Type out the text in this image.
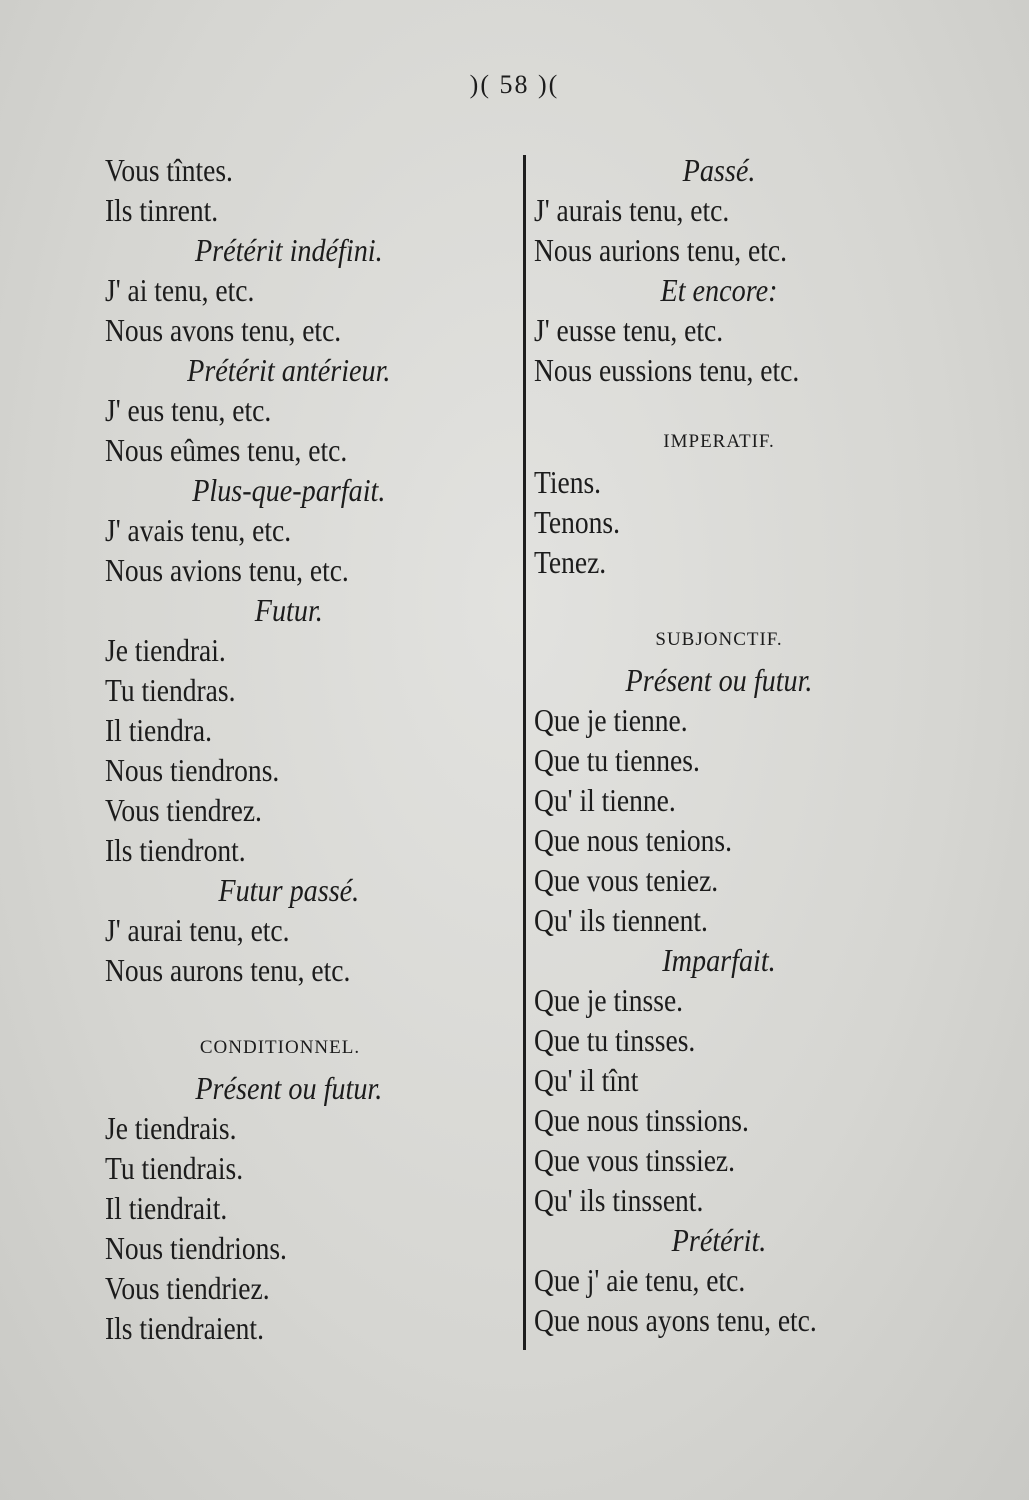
)( 58 )(
Vous tîntes.
Ils tinrent.
Prétérit indéfini.
J' ai tenu, etc.
Nous avons tenu, etc.
Prétérit antérieur.
J' eus tenu, etc.
Nous eûmes tenu, etc.
Plus-que-parfait.
J' avais tenu, etc.
Nous avions tenu, etc.
Futur.
Je tiendrai.
Tu tiendras.
Il tiendra.
Nous tiendrons.
Vous tiendrez.
Ils tiendront.
Futur passé.
J' aurai tenu, etc.
Nous aurons tenu, etc.
CONDITIONNEL.
Présent ou futur.
Je tiendrais.
Tu tiendrais.
Il tiendrait.
Nous tiendrions.
Vous tiendriez.
Ils tiendraient.
Passé.
J' aurais tenu, etc.
Nous aurions tenu, etc.
Et encore:
J' eusse tenu, etc.
Nous eussions tenu, etc.
IMPERATIF.
Tiens.
Tenons.
Tenez.
SUBJONCTIF.
Présent ou futur.
Que je tienne.
Que tu tiennes.
Qu' il tienne.
Que nous tenions.
Que vous teniez.
Qu' ils tiennent.
Imparfait.
Que je tinsse.
Que tu tinsses.
Qu' il tînt
Que nous tinssions.
Que vous tinssiez.
Qu' ils tinssent.
Prétérit.
Que j' aie tenu, etc.
Que nous ayons tenu, etc.
